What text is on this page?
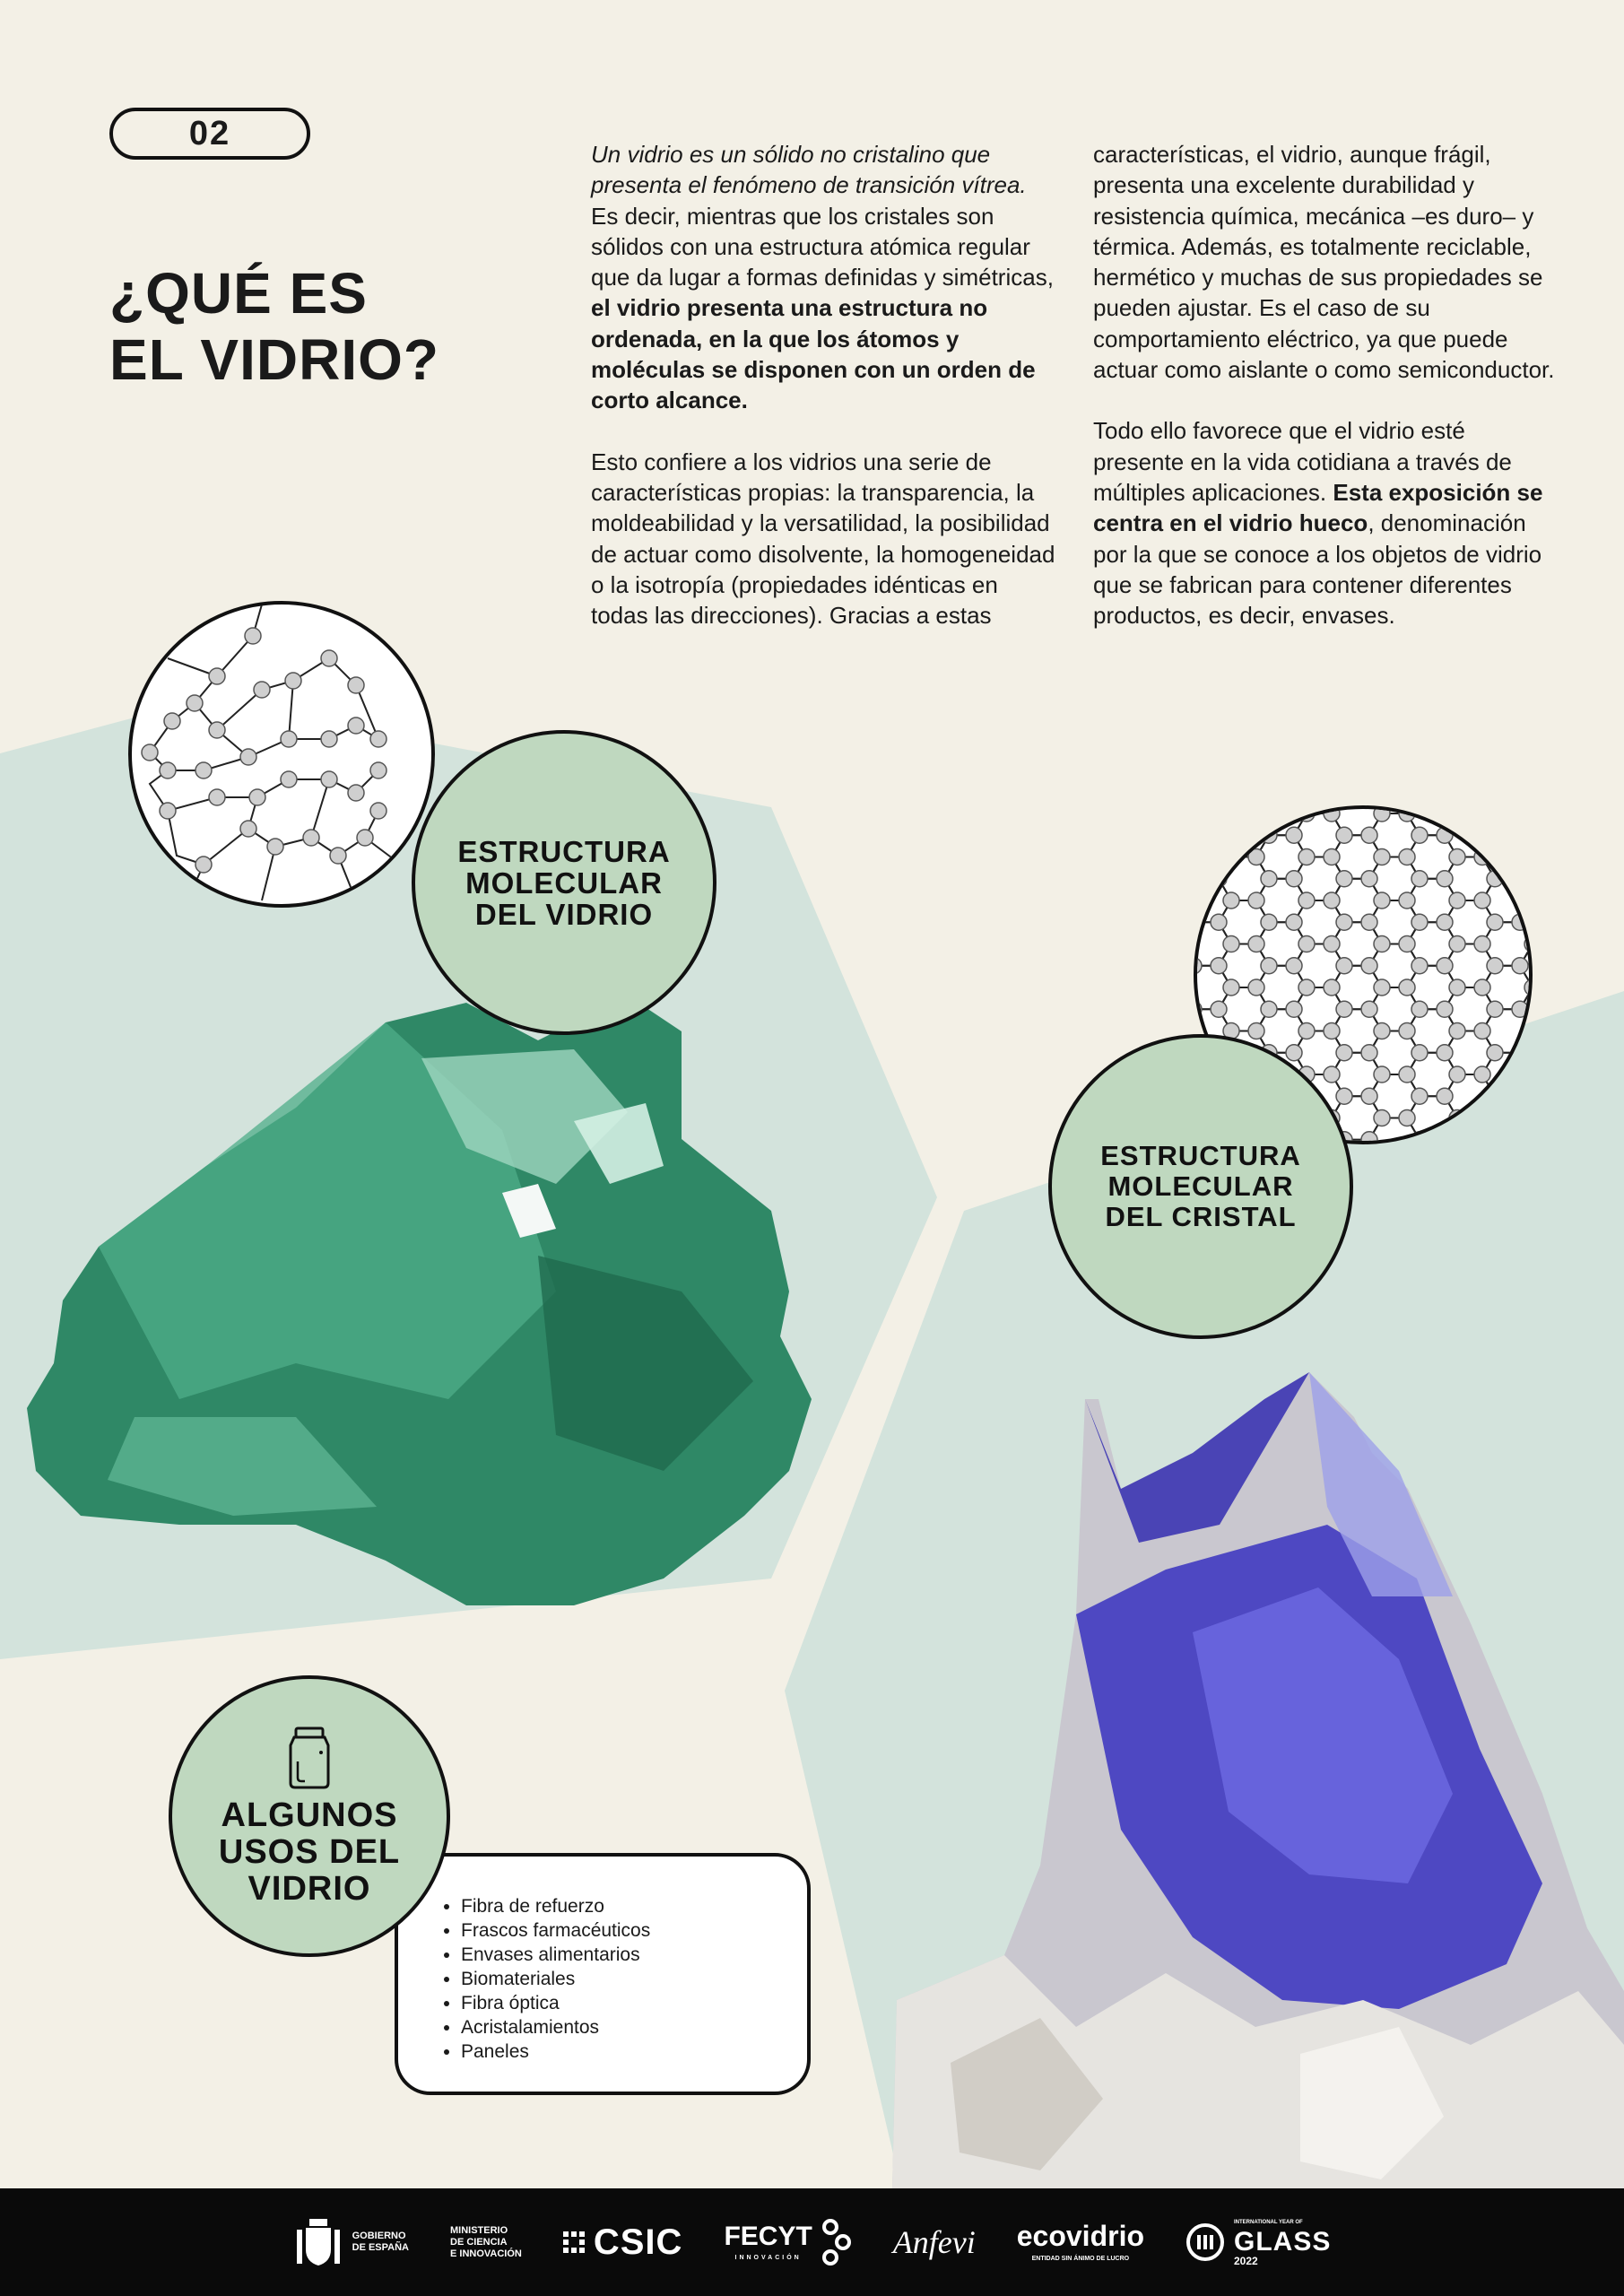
02
¿QUÉ ES
EL VIDRIO?

Un vidrio es un sólido no cristalino que presenta el fenómeno de transición vítrea. Es decir, mientras que los cristales son sólidos con una estructura atómica regular que da lugar a formas definidas y simétricas, el vidrio presenta una estructura no ordenada, en la que los átomos y moléculas se disponen con un orden de corto alcance.

Esto confiere a los vidrios una serie de características propias: la transparencia, la moldeabilidad y la versatilidad, la posibilidad de actuar como disolvente, la homogeneidad o la isotropía (propiedades idénticas en todas las direcciones). Gracias a estas

características, el vidrio, aunque frágil, presenta una excelente durabilidad y resistencia química, mecánica –es duro– y térmica. Además, es totalmente reciclable, hermético y muchas de sus propiedades se pueden ajustar. Es el caso de su comportamiento eléctrico, ya que puede actuar como aislante o como semiconductor.

Todo ello favorece que el vidrio esté presente en la vida cotidiana a través de múltiples aplicaciones. Esta exposición se centra en el vidrio hueco, denominación por la que se conoce a los objetos de vidrio que se fabrican para contener diferentes productos, es decir, envases.

ESTRUCTURA
MOLECULAR
DEL VIDRIO
ESTRUCTURA
MOLECULAR
DEL CRISTAL
• Fibra de refuerzo
• Frascos farmacéuticos
• Envases alimentarios
• Biomateriales
• Fibra óptica
• Acristalamientos
• Paneles
ALGUNOS
USOS DEL
VIDRIO
GOBIERNO
DE ESPAÑA
MINISTERIO
DE CIENCIA
E INNOVACIÓN CSIC FECYT
INNOVACIÓN	Anfevi ecovidrio
ENTIDAD SIN ÁNIMO DE LUCRO
INTERNATIONAL YEAR OF
GLASS
2022
